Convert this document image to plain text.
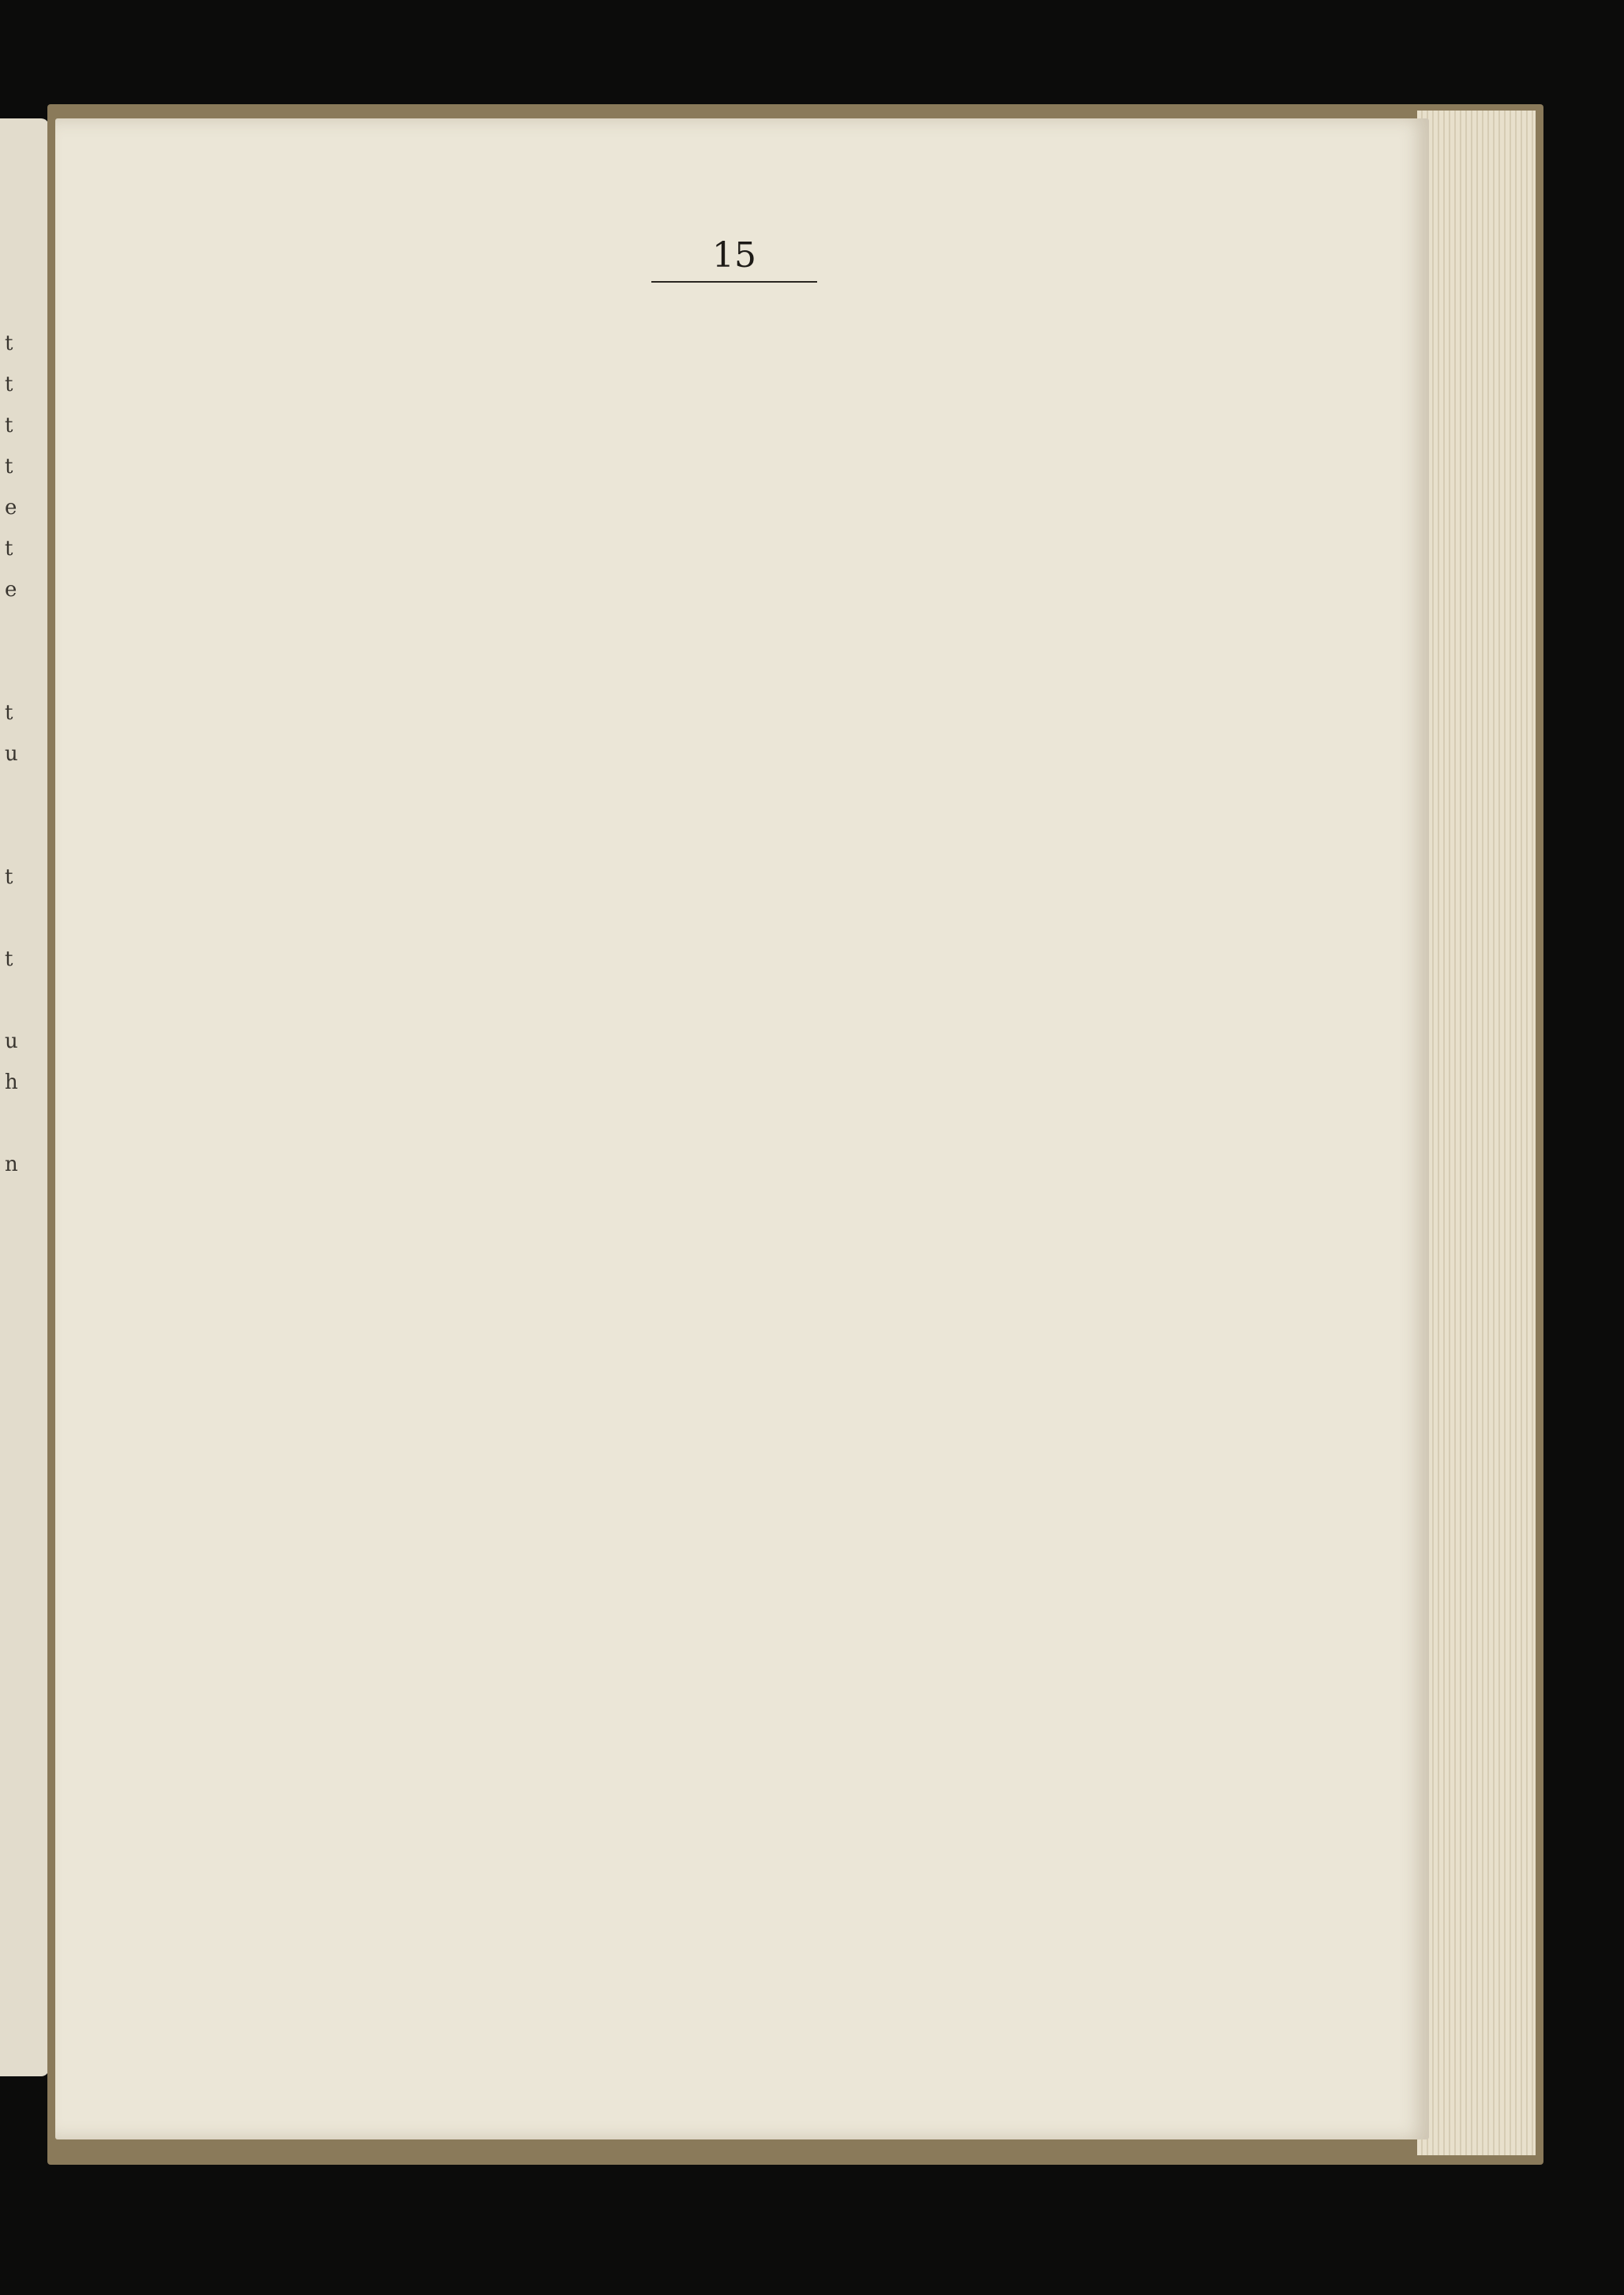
t
t
t
t
e
t
e
t
u
t
t
u
h
n
15
